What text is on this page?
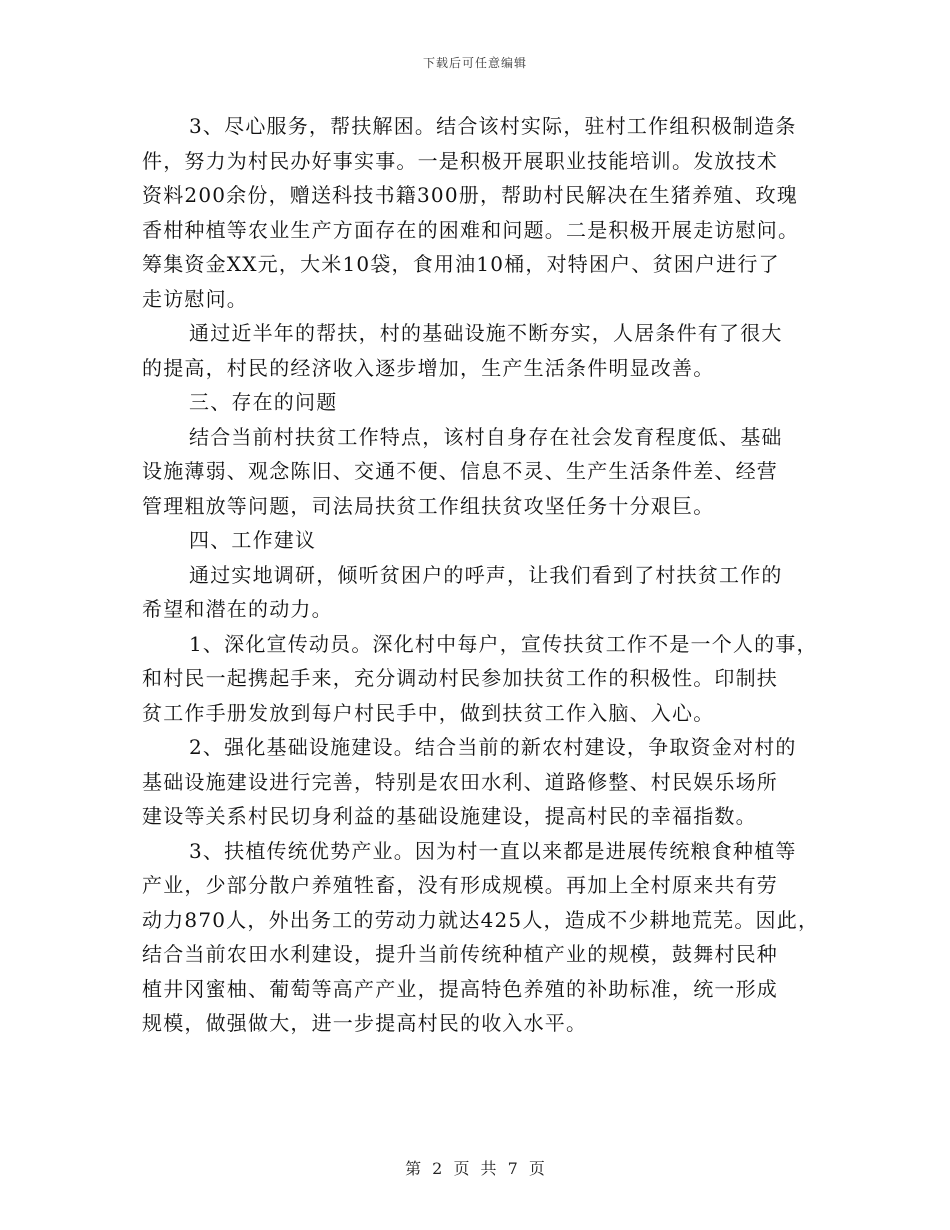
下载后可任意编辑
3、尽心服务，帮扶解困。结合该村实际，驻村工作组积极制造条
件，努力为村民办好事实事。一是积极开展职业技能培训。发放技术
资料200余份，赠送科技书籍300册，帮助村民解决在生猪养殖、玫瑰
香柑种植等农业生产方面存在的困难和问题。二是积极开展走访慰问。
筹集资金XX元，大米10袋，食用油10桶，对特困户、贫困户进行了
走访慰问。
通过近半年的帮扶，村的基础设施不断夯实，人居条件有了很大
的提高，村民的经济收入逐步增加，生产生活条件明显改善。
三、存在的问题
结合当前村扶贫工作特点，该村自身存在社会发育程度低、基础
设施薄弱、观念陈旧、交通不便、信息不灵、生产生活条件差、经营
管理粗放等问题，司法局扶贫工作组扶贫攻坚任务十分艰巨。
四、工作建议
通过实地调研，倾听贫困户的呼声，让我们看到了村扶贫工作的
希望和潜在的动力。
1、深化宣传动员。深化村中每户，宣传扶贫工作不是一个人的事，
和村民一起携起手来，充分调动村民参加扶贫工作的积极性。印制扶
贫工作手册发放到每户村民手中，做到扶贫工作入脑、入心。
2、强化基础设施建设。结合当前的新农村建设，争取资金对村的
基础设施建设进行完善，特别是农田水利、道路修整、村民娱乐场所
建设等关系村民切身利益的基础设施建设，提高村民的幸福指数。
3、扶植传统优势产业。因为村一直以来都是进展传统粮食种植等
产业，少部分散户养殖牲畜，没有形成规模。再加上全村原来共有劳
动力870人，外出务工的劳动力就达425人，造成不少耕地荒芜。因此，
结合当前农田水利建设，提升当前传统种植产业的规模，鼓舞村民种
植井冈蜜柚、葡萄等高产产业，提高特色养殖的补助标准，统一形成
规模，做强做大，进一步提高村民的收入水平。
第 2 页 共 7 页
